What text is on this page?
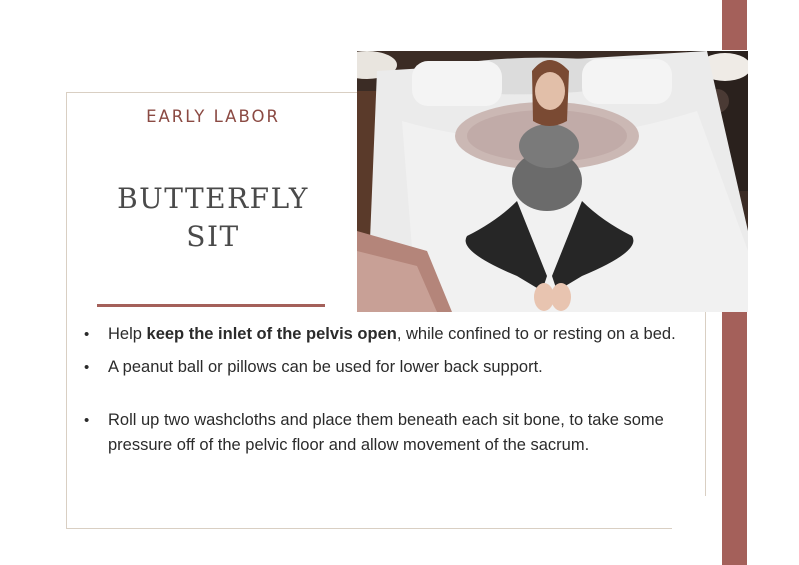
EARLY LABOR
BUTTERFLY
SIT
• Help keep the inlet of the pelvis open, while confined to or resting on a bed.
• A peanut ball or pillows can be used for lower back support.
• Roll up two washcloths and place them beneath each sit bone, to take some pressure off of the pelvic floor and allow movement of the sacrum.
